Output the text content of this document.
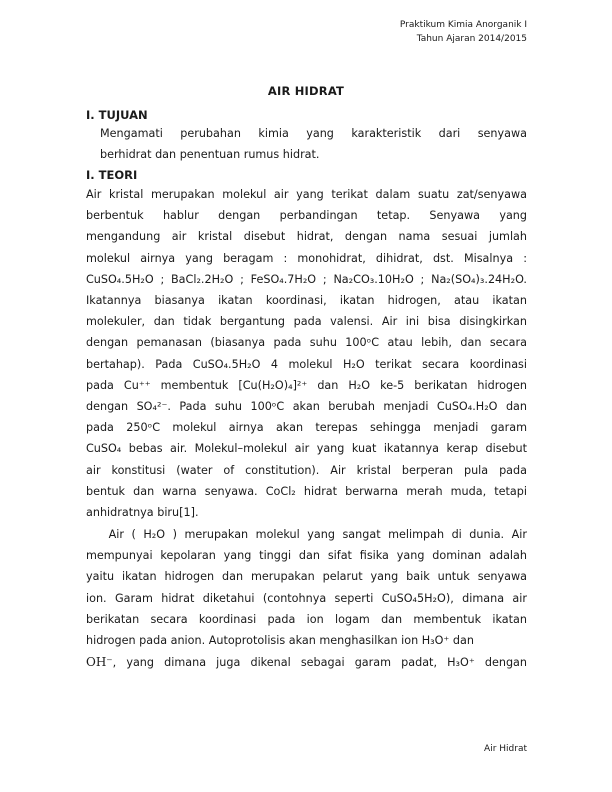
Praktikum Kimia Anorganik I
Tahun Ajaran 2014/2015
AIR HIDRAT
I. TUJUAN
Mengamati perubahan kimia yang karakteristik dari senyawa
berhidrat dan penentuan rumus hidrat.
I. TEORI
Air kristal merupakan molekul air yang terikat dalam suatu zat/senyawa
berbentuk hablur dengan perbandingan tetap. Senyawa yang
mengandung air kristal disebut hidrat, dengan nama sesuai jumlah
molekul airnya yang beragam : monohidrat, dihidrat, dst. Misalnya :
CuSO₄.5H₂O ; BaCl₂.2H₂O ; FeSO₄.7H₂O ; Na₂CO₃.10H₂O ; Na₂(SO₄)₃.24H₂O.
Ikatannya biasanya ikatan koordinasi, ikatan hidrogen, atau ikatan
molekuler, dan tidak bergantung pada valensi. Air ini bisa disingkirkan
dengan pemanasan (biasanya pada suhu 100ᵒC atau lebih, dan secara
bertahap). Pada CuSO₄.5H₂O 4 molekul H₂O terikat secara koordinasi
pada Cu⁺⁺ membentuk [Cu(H₂O)₄]²⁺ dan H₂O ke-5 berikatan hidrogen
dengan SO₄²⁻. Pada suhu 100ᵒC akan berubah menjadi CuSO₄.H₂O dan
pada 250ᵒC molekul airnya akan terepas sehingga menjadi garam
CuSO₄ bebas air. Molekul–molekul air yang kuat ikatannya kerap disebut
air konstitusi (water of constitution). Air kristal berperan pula pada
bentuk dan warna senyawa. CoCl₂ hidrat berwarna merah muda, tetapi
anhidratnya biru[1].
Air ( H₂O ) merupakan molekul yang sangat melimpah di dunia. Air
mempunyai kepolaran yang tinggi dan sifat fisika yang dominan adalah
yaitu ikatan hidrogen dan merupakan pelarut yang baik untuk senyawa
ion. Garam hidrat diketahui (contohnya seperti CuSO₄5H₂O), dimana air
berikatan secara koordinasi pada ion logam dan membentuk ikatan
hidrogen pada anion. Autoprotolisis akan menghasilkan ion H₃O⁺ dan
OH⁻, yang dimana juga dikenal sebagai garam padat, H₃O⁺ dengan
Air Hidrat
